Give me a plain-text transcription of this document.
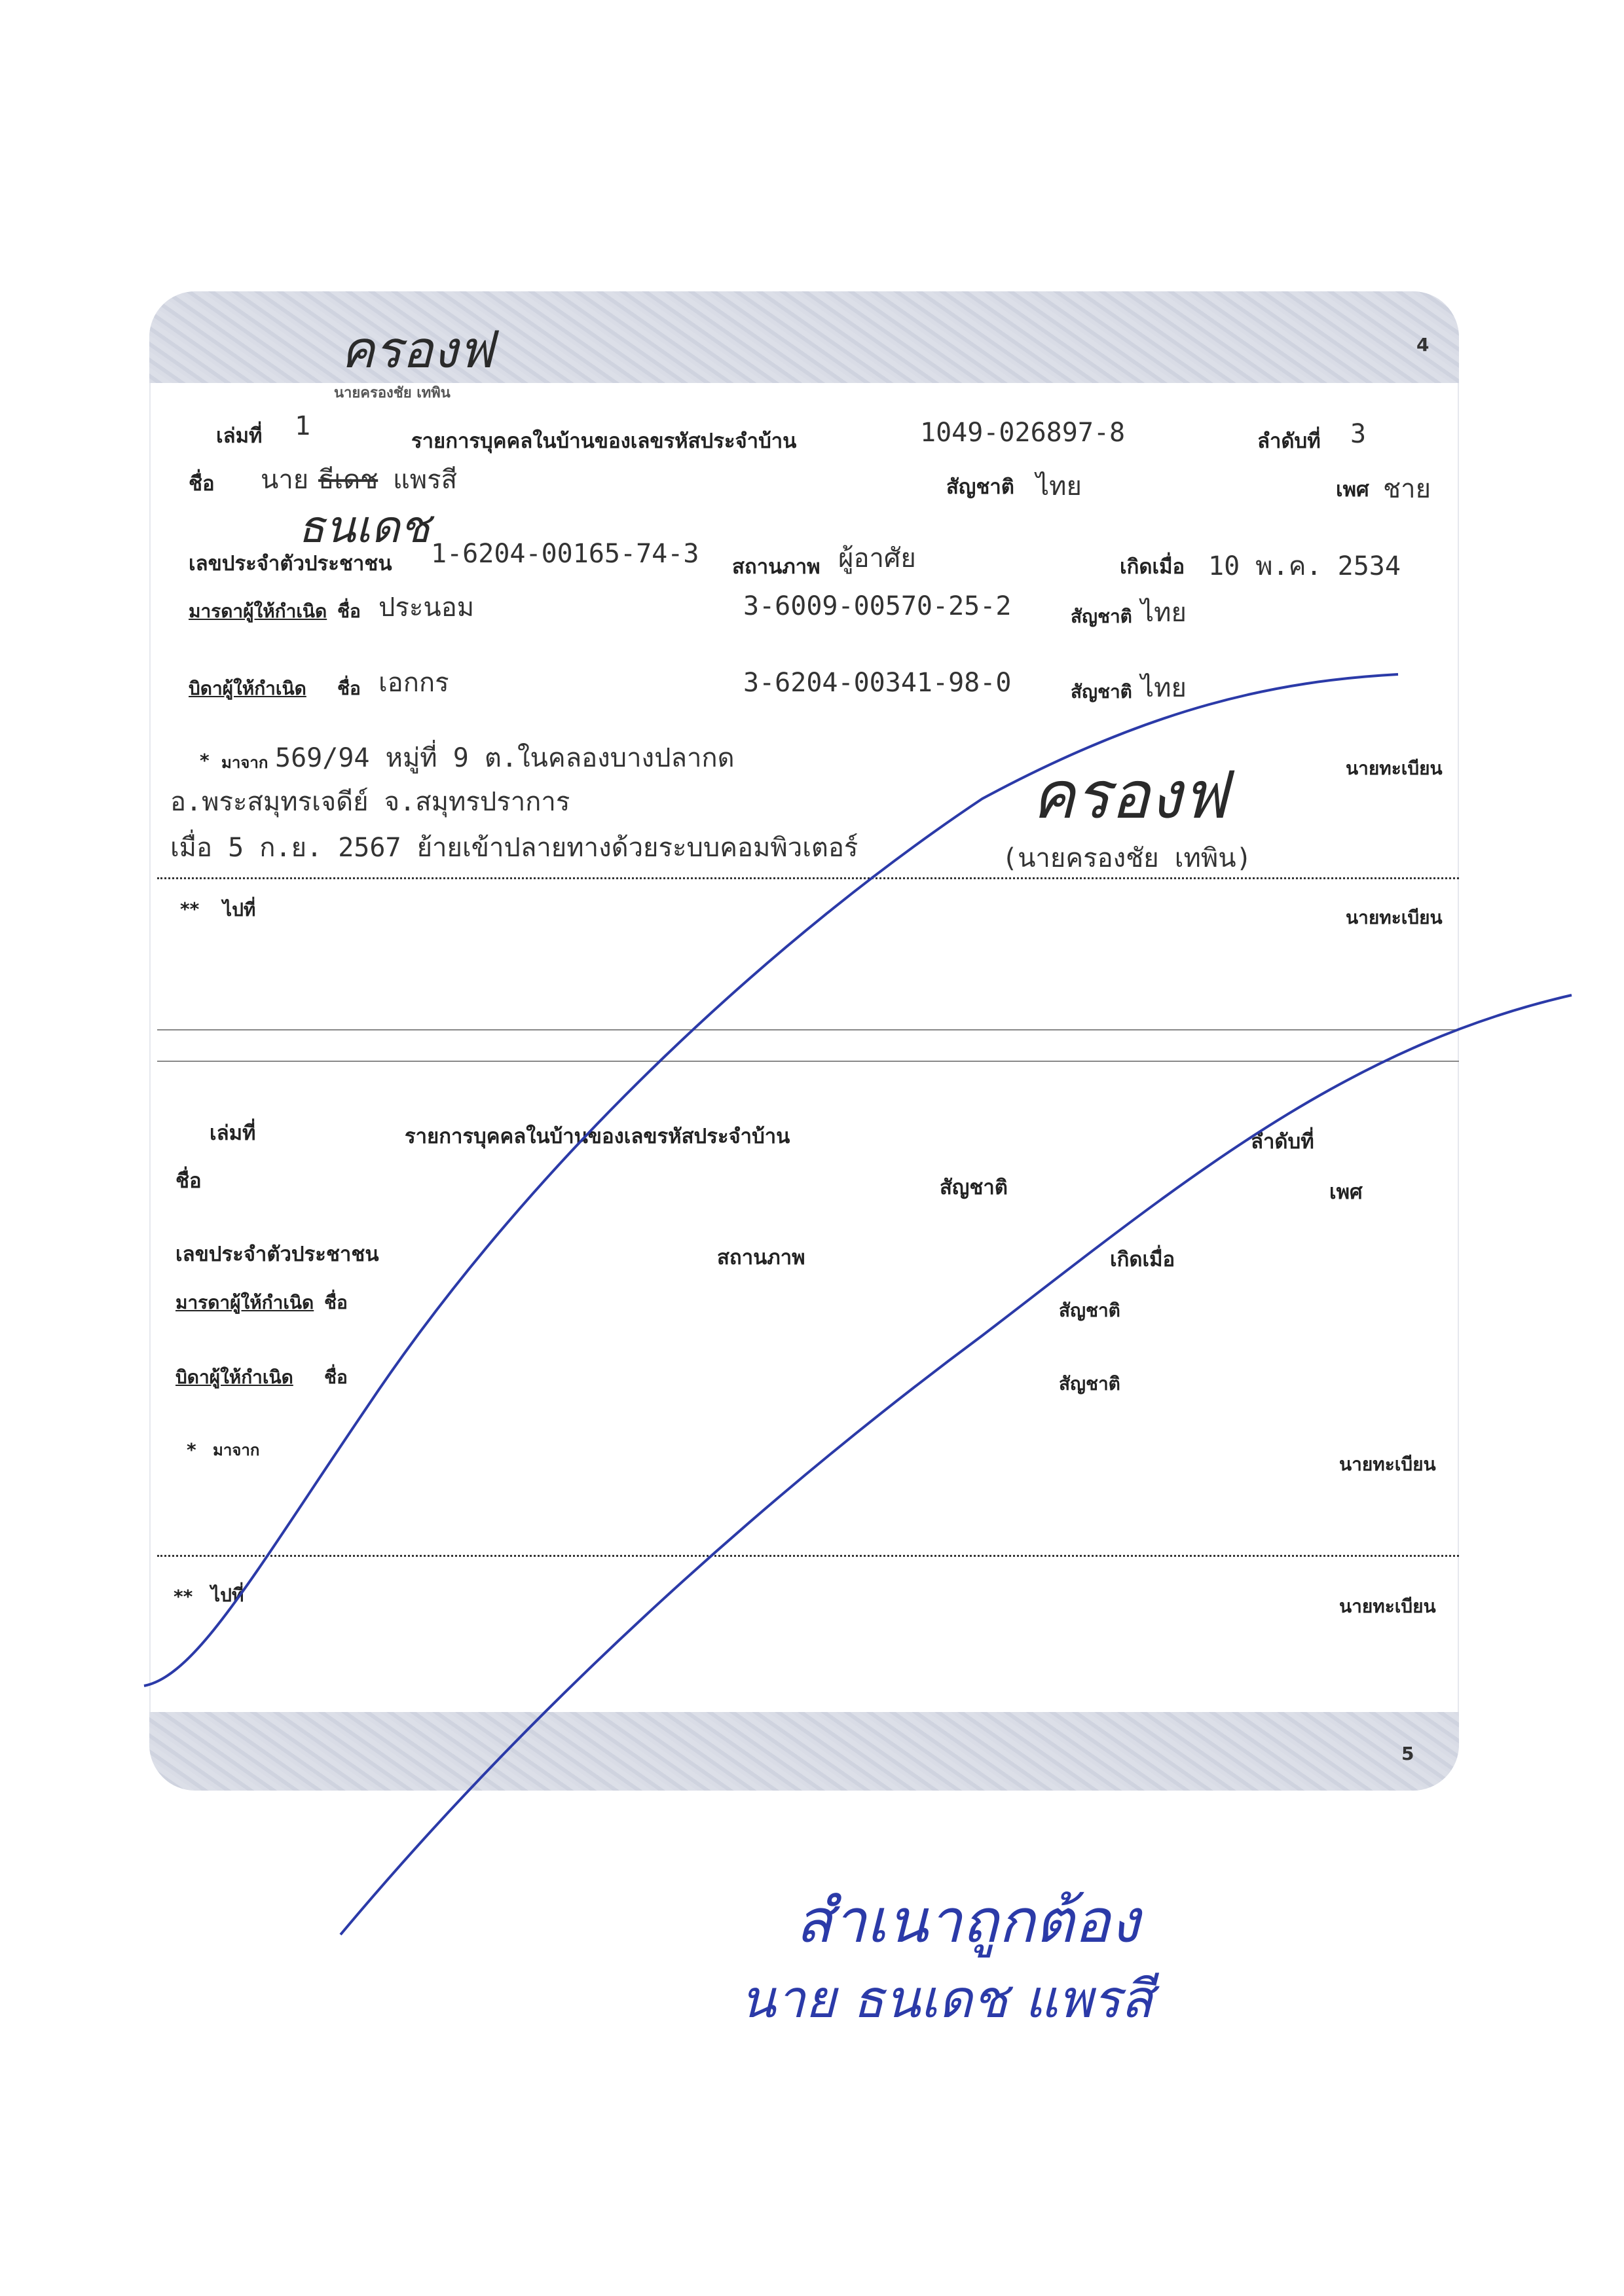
4
5
ครองฟ
นายครองชัย เทพิน
เล่มที่ 1	รายการบุคคลในบ้านของเลขรหัสประจำบ้าน	1049-026897-8	ลำดับที่ 3
ชื่อ นาย ธีเดช แพรสี
ธนเดช
สัญชาติ ไทย	เพศ ชาย
เลขประจำตัวประชาชน 1-6204-00165-74-3 สถานภาพ ผู้อาศัย	เกิดเมื่อ 10 พ.ค. 2534
มารดาผู้ให้กำเนิด ชื่อ ประนอม	3-6009-00570-25-2	สัญชาติ ไทย
บิดาผู้ให้กำเนิด ชื่อ เอกกร	3-6204-00341-98-0	สัญชาติ ไทย
* มาจาก 569/94 หมู่ที่ 9 ต.ในคลองบางปลากด
อ.พระสมุทรเจดีย์ จ.สมุทรปราการ
เมื่อ 5 ก.ย. 2567 ย้ายเข้าปลายทางด้วยระบบคอมพิวเตอร์
ครองฟ
(นายครองชัย เทพิน)
นายทะเบียน
** ไปที่	นายทะเบียน
เล่มที่	รายการบุคคลในบ้านของเลขรหัสประจำบ้าน	ลำดับที่
ชื่อ	สัญชาติ	เพศ
เลขประจำตัวประชาชน	สถานภาพ	เกิดเมื่อ
มารดาผู้ให้กำเนิด ชื่อ	สัญชาติ
บิดาผู้ให้กำเนิด ชื่อ	สัญชาติ
* มาจาก
นายทะเบียน
** ไปที่
นายทะเบียน
สำเนาถูกต้อง
นาย ธนเดช แพรสี
